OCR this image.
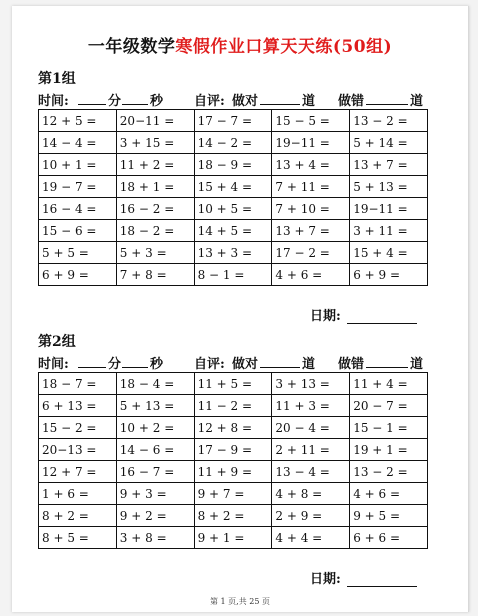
一年级数学寒假作业口算天天练(50组)
第1组
时间:	分 秒 自评: 做对	道 做错	道
12 + 5 =	20−11 =	17 − 7 =	15 − 5 =	13 − 2 =
14 − 4 =	3 + 15 =	14 − 2 =	19−11 =	5 + 14 =
10 + 1 =	11 + 2 =	18 − 9 =	13 + 4 =	13 + 7 =
19 − 7 =	18 + 1 =	15 + 4 =	7 + 11 =	5 + 13 =
16 − 4 =	16 − 2 =	10 + 5 =	7 + 10 =	19−11 =
15 − 6 =	18 − 2 =	14 + 5 =	13 + 7 =	3 + 11 =
5 + 5 =	5 + 3 =	13 + 3 =	17 − 2 =	15 + 4 =
6 + 9 =	7 + 8 =	8 − 1 =	4 + 6 =	6 + 9 =
日期:
第2组
时间:	分 秒 自评: 做对	道 做错	道
18 − 7 =	18 − 4 =	11 + 5 =	3 + 13 =	11 + 4 =
6 + 13 =	5 + 13 =	11 − 2 =	11 + 3 =	20 − 7 =
15 − 2 =	10 + 2 =	12 + 8 =	20 − 4 =	15 − 1 =
20−13 =	14 − 6 =	17 − 9 =	2 + 11 =	19 + 1 =
12 + 7 =	16 − 7 =	11 + 9 =	13 − 4 =	13 − 2 =
1 + 6 =	9 + 3 =	9 + 7 =	4 + 8 =	4 + 6 =
8 + 2 =	9 + 2 =	8 + 2 =	2 + 9 =	9 + 5 =
8 + 5 =	3 + 8 =	9 + 1 =	4 + 4 =	6 + 6 =
日期:
第 1 页,共 25 页
